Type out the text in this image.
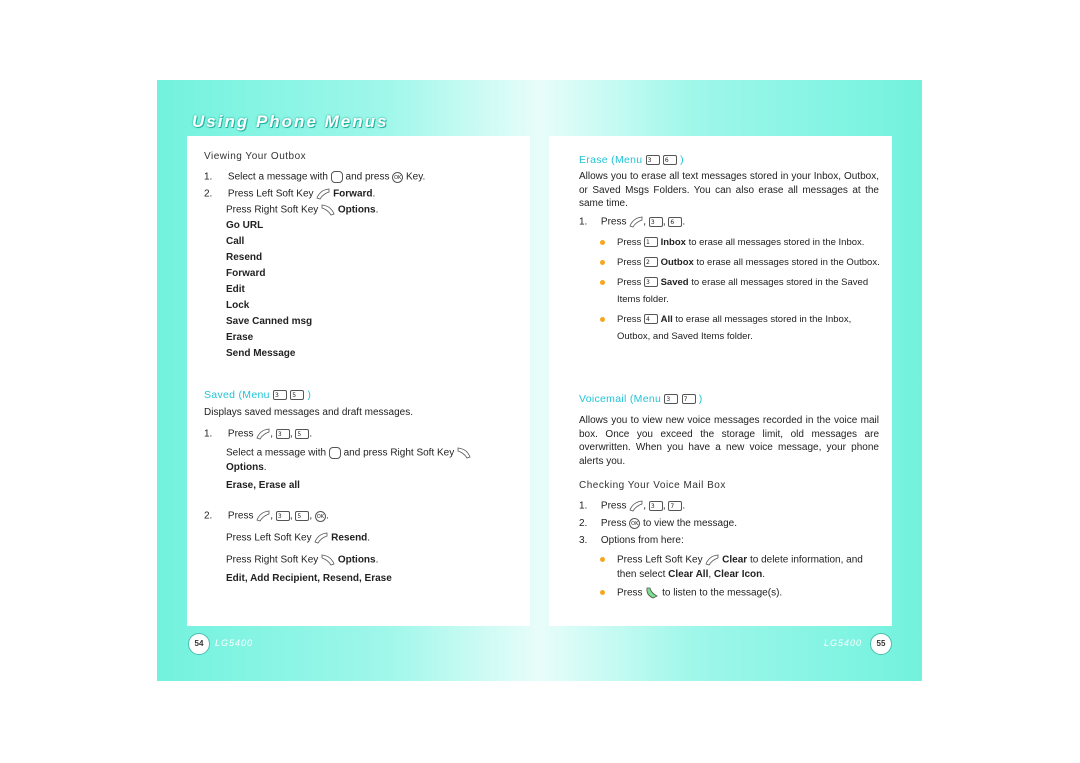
Using Phone Menus
Viewing Your Outbox
1. Select a message with and press OK Key.
2. Press Left Soft Key Forward.
Press Right Soft Key Options.
Go URL
Call
Resend
Forward
Edit
Lock
Save Canned msg
Erase
Send Message
Saved (Menu 3 5 )
Displays saved messages and draft messages.
1. Press , 3 , 5 .
Select a message with and press Right Soft Key
Options.
Erase, Erase all
2. Press , 3 , 5 , OK .
Press Left Soft Key Resend.
Press Right Soft Key Options.
Edit, Add Recipient, Resend, Erase
54	LG5400
Erase (Menu 3 6 )
Allows you to erase all text messages stored in your Inbox, Outbox, or Saved Msgs Folders. You can also erase all messages at the same time.
1. Press , 3 , 6 .
Press 1 Inbox to erase all messages stored in the Inbox.
Press 2 Outbox to erase all messages stored in the Outbox.
Press 3 Saved to erase all messages stored in the Saved
Items folder.
Press 4 All to erase all messages stored in the Inbox,
Outbox, and Saved Items folder.
Voicemail (Menu 3 7 )
Allows you to view new voice messages recorded in the voice mail box. Once you exceed the storage limit, old messages are overwritten. When you have a new voice message, your phone alerts you.
Checking Your Voice Mail Box
1. Press , 3 , 7 .
2. Press OK to view the message.
3. Options from here:
Press Left Soft Key Clear to delete information, and
then select Clear All, Clear Icon.
Press to listen to the message(s).
LG5400	55
